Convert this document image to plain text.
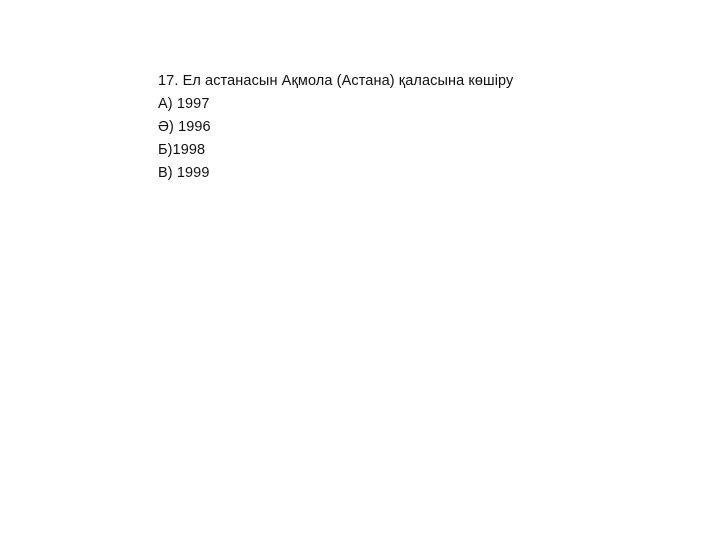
17. Ел астанасын Ақмола (Астана) қаласына көшіру
А) 1997
Ә) 1996
Б)1998
В) 1999
